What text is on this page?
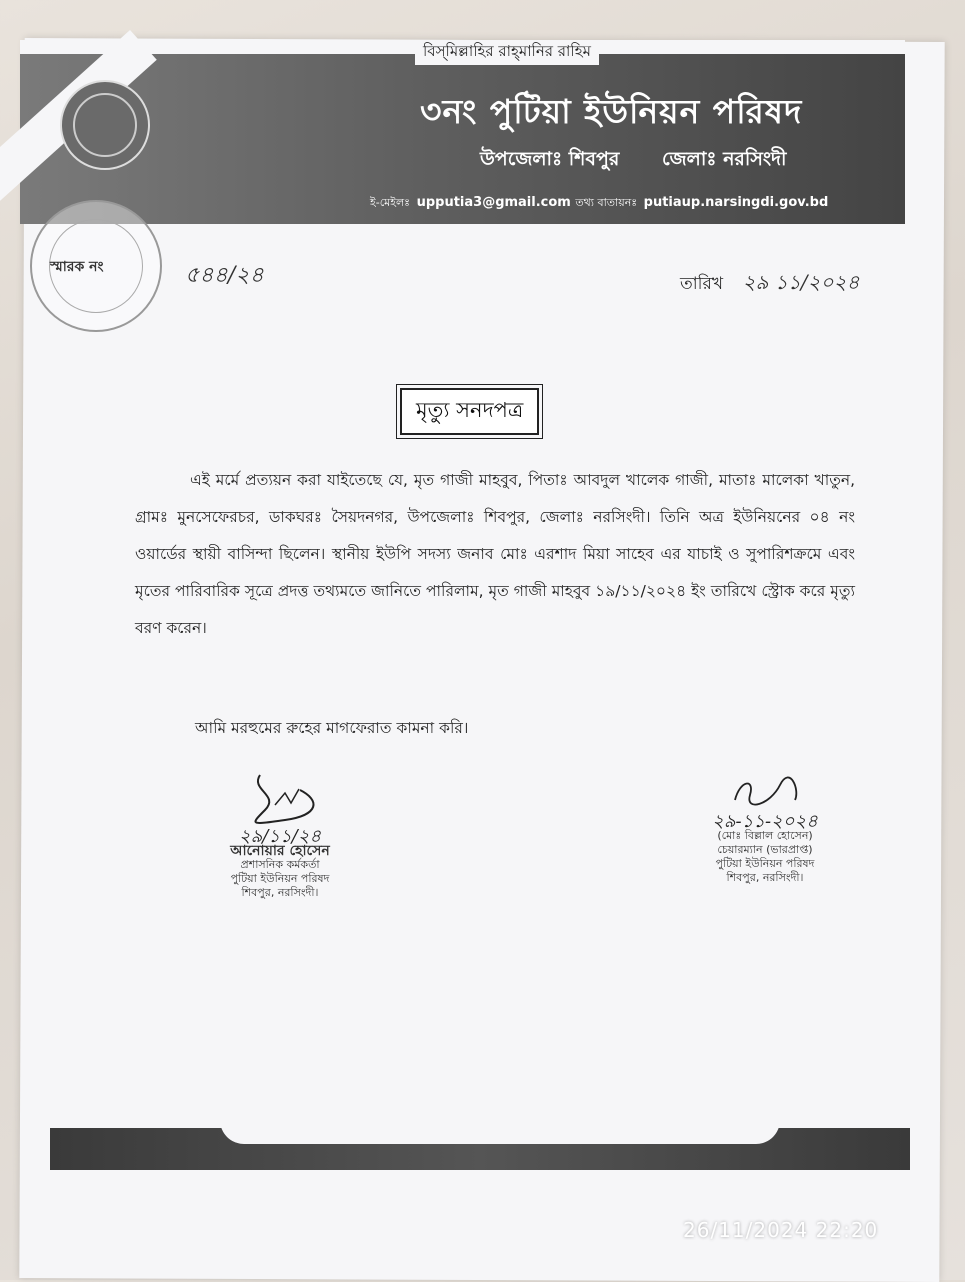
বিস্‌মিল্লাহির রাহ্‌মানির রাহিম
৩নং পুটিয়া ইউনিয়ন পরিষদ
উপজেলাঃ শিবপুর জেলাঃ নরসিংদী
ই-মেইলঃ upputia3@gmail.com তথ্য বাতায়নঃ putiaup.narsingdi.gov.bd
স্মারক নং	৫৪৪/২৪	তারিখ ২৯ ১১/২০২৪
মৃত্যু সনদপত্র
এই মর্মে প্রত্যয়ন করা যাইতেছে যে, মৃত গাজী মাহবুব, পিতাঃ আবদুল খালেক গাজী, মাতাঃ মালেকা খাতুন, গ্রামঃ মুনসেফেরচর, ডাকঘরঃ সৈয়দনগর, উপজেলাঃ শিবপুর, জেলাঃ নরসিংদী। তিনি অত্র ইউনিয়নের ০৪ নং ওয়ার্ডের স্থায়ী বাসিন্দা ছিলেন। স্থানীয় ইউপি সদস্য জনাব মোঃ এরশাদ মিয়া সাহেব এর যাচাই ও সুপারিশক্রমে এবং মৃতের পারিবারিক সূত্রে প্রদত্ত তথ্যমতে জানিতে পারিলাম, মৃত গাজী মাহবুব ১৯/১১/২০২৪ ইং তারিখে স্ট্রোক করে মৃত্যু বরণ করেন।
আমি মরহুমের রুহের মাগফেরাত কামনা করি।
২৯/১১/২৪
আনোয়ার হোসেন
প্রশাসনিক কর্মকর্তা
পুটিয়া ইউনিয়ন পরিষদ
শিবপুর, নরসিংদী।
২৯-১১-২০২৪
(মোঃ বিল্লাল হোসেন)
চেয়ারম্যান (ভারপ্রাপ্ত)
পুটিয়া ইউনিয়ন পরিষদ
শিবপুর, নরসিংদী।
26/11/2024 22:20
